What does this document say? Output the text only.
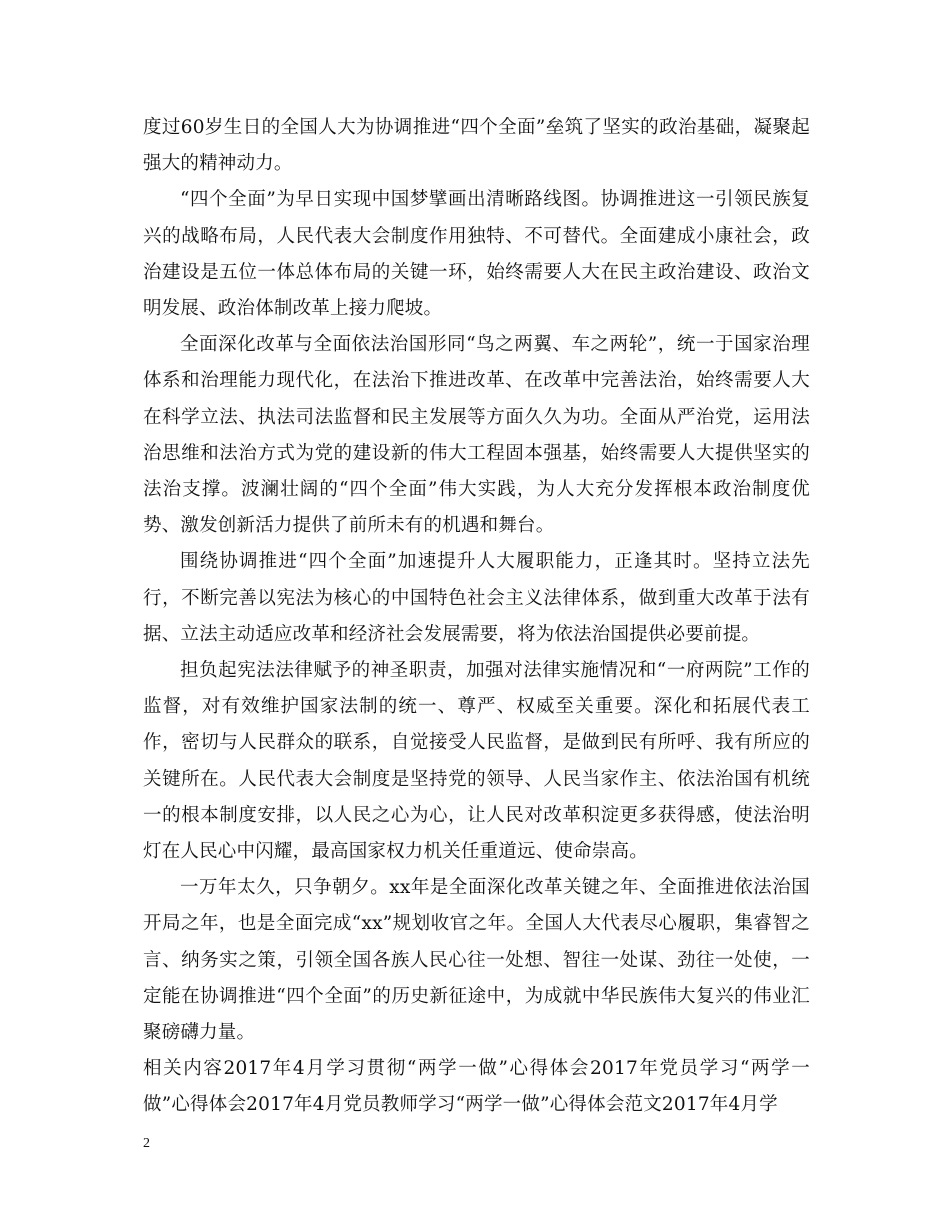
度过60岁生日的全国人大为协调推进“四个全面”垒筑了坚实的政治基础，凝聚起强大的精神动力。

“四个全面”为早日实现中国梦擘画出清晰路线图。协调推进这一引领民族复兴的战略布局，人民代表大会制度作用独特、不可替代。全面建成小康社会，政治建设是五位一体总体布局的关键一环，始终需要人大在民主政治建设、政治文明发展、政治体制改革上接力爬坡。

全面深化改革与全面依法治国形同“鸟之两翼、车之两轮”，统一于国家治理体系和治理能力现代化，在法治下推进改革、在改革中完善法治，始终需要人大在科学立法、执法司法监督和民主发展等方面久久为功。全面从严治党，运用法治思维和法治方式为党的建设新的伟大工程固本强基，始终需要人大提供坚实的法治支撑。波澜壮阔的“四个全面”伟大实践，为人大充分发挥根本政治制度优势、激发创新活力提供了前所未有的机遇和舞台。

围绕协调推进“四个全面”加速提升人大履职能力，正逢其时。坚持立法先行，不断完善以宪法为核心的中国特色社会主义法律体系，做到重大改革于法有据、立法主动适应改革和经济社会发展需要，将为依法治国提供必要前提。

担负起宪法法律赋予的神圣职责，加强对法律实施情况和“一府两院”工作的监督，对有效维护国家法制的统一、尊严、权威至关重要。深化和拓展代表工作，密切与人民群众的联系，自觉接受人民监督，是做到民有所呼、我有所应的关键所在。人民代表大会制度是坚持党的领导、人民当家作主、依法治国有机统一的根本制度安排，以人民之心为心，让人民对改革积淀更多获得感，使法治明灯在人民心中闪耀，最高国家权力机关任重道远、使命崇高。

一万年太久，只争朝夕。xx年是全面深化改革关键之年、全面推进依法治国开局之年，也是全面完成“xx”规划收官之年。全国人大代表尽心履职，集睿智之言、纳务实之策，引领全国各族人民心往一处想、智往一处谋、劲往一处使，一定能在协调推进“四个全面”的历史新征途中，为成就中华民族伟大复兴的伟业汇聚磅礴力量。

相关内容2017年4月学习贯彻“两学一做”心得体会2017年党员学习“两学一做”心得体会2017年4月党员教师学习“两学一做”心得体会范文2017年4月学

2
